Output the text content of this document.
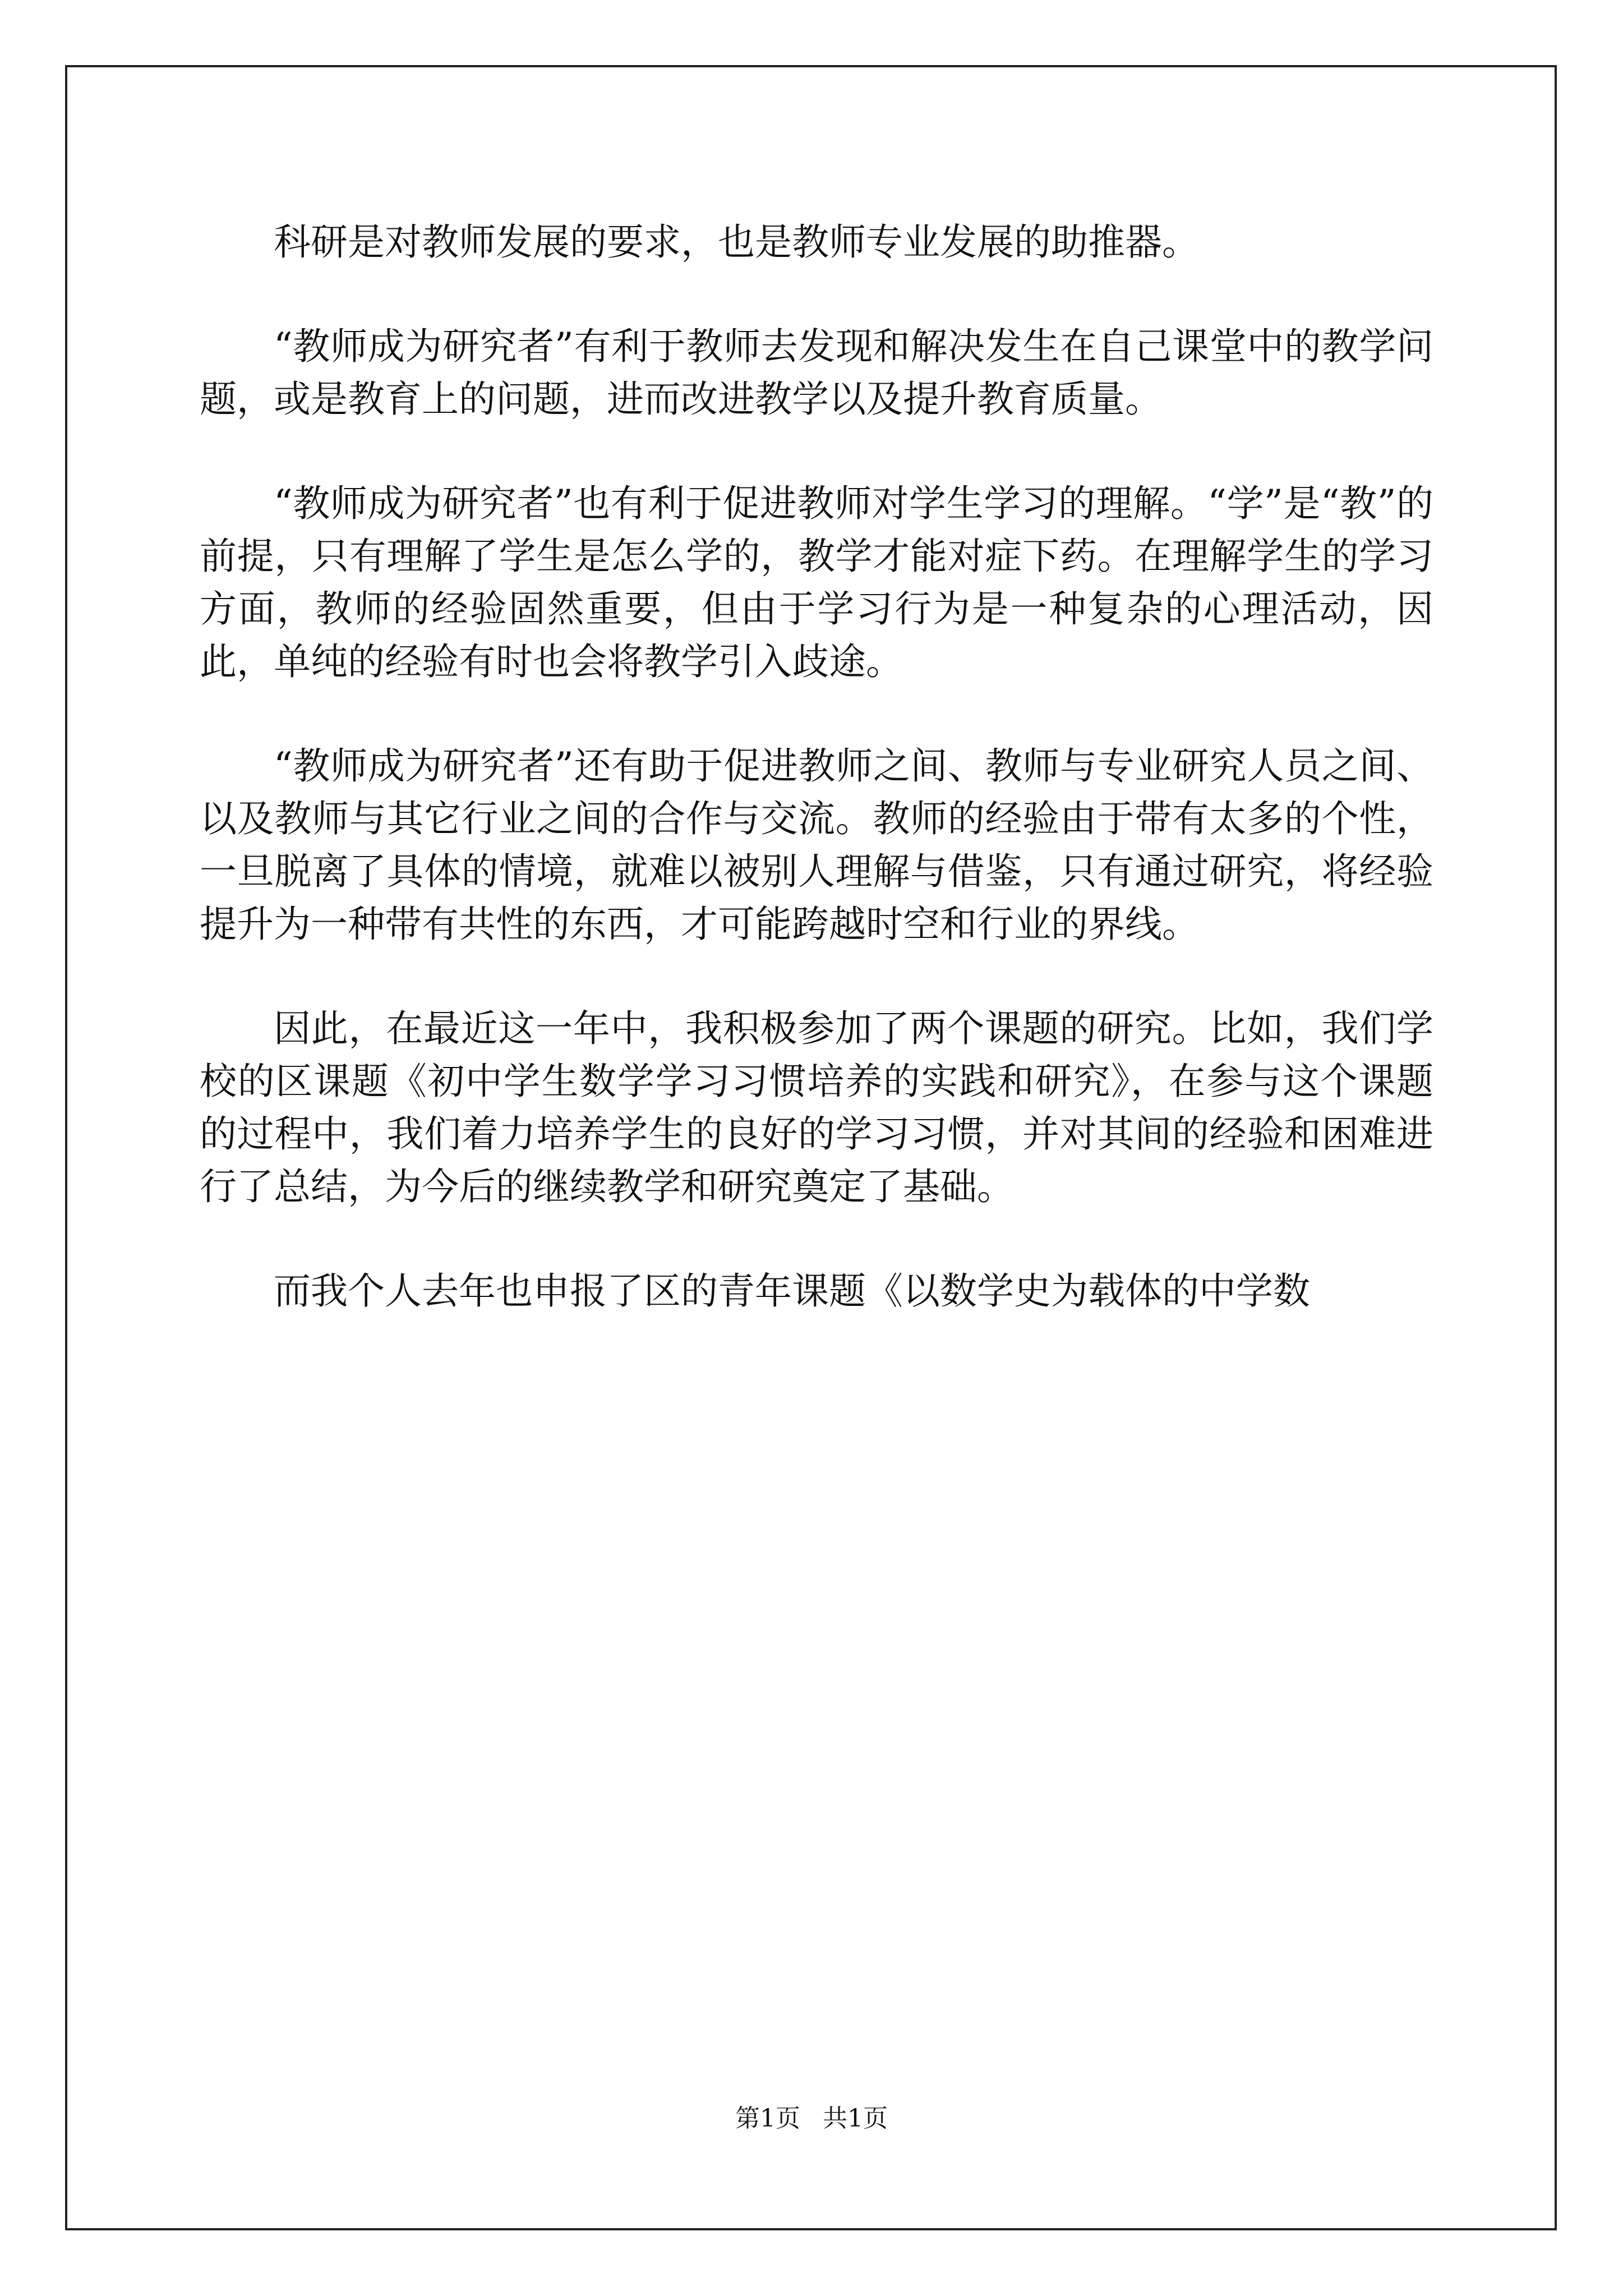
科研是对教师发展的要求，也是教师专业发展的助推器。

“教师成为研究者”有利于教师去发现和解决发生在自己课堂中的教学问题，或是教育上的问题，进而改进教学以及提升教育质量。

“教师成为研究者”也有利于促进教师对学生学习的理解。“学”是“教”的前提，只有理解了学生是怎么学的，教学才能对症下药。在理解学生的学习方面，教师的经验固然重要，但由于学习行为是一种复杂的心理活动，因此，单纯的经验有时也会将教学引入歧途。

“教师成为研究者”还有助于促进教师之间、教师与专业研究人员之间、以及教师与其它行业之间的合作与交流。教师的经验由于带有太多的个性，一旦脱离了具体的情境，就难以被别人理解与借鉴，只有通过研究，将经验提升为一种带有共性的东西，才可能跨越时空和行业的界线。

因此，在最近这一年中，我积极参加了两个课题的研究。比如，我们学校的区课题《初中学生数学学习习惯培养的实践和研究》，在参与这个课题的过程中，我们着力培养学生的良好的学习习惯，并对其间的经验和困难进行了总结，为今后的继续教学和研究奠定了基础。

而我个人去年也申报了区的青年课题《以数学史为载体的中学数

第1页 共1页
